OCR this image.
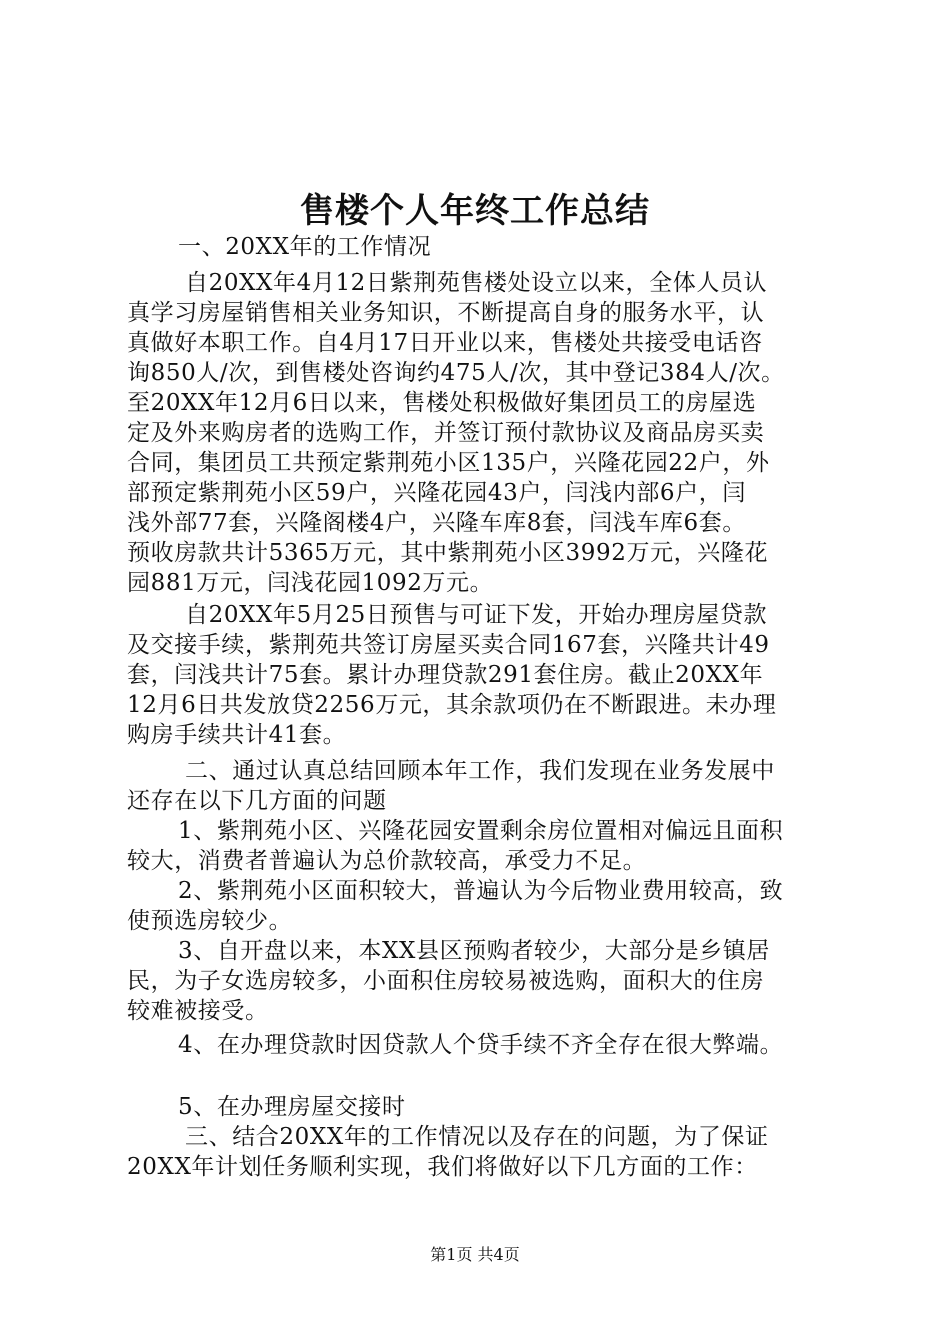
售楼个人年终工作总结
一、20XX年的工作情况
自20XX年4月12日紫荆苑售楼处设立以来，全体人员认
真学习房屋销售相关业务知识，不断提高自身的服务水平，认
真做好本职工作。自4月17日开业以来，售楼处共接受电话咨
询850人/次，到售楼处咨询约475人/次，其中登记384人/次。
至20XX年12月6日以来，售楼处积极做好集团员工的房屋选
定及外来购房者的选购工作，并签订预付款协议及商品房买卖
合同，集团员工共预定紫荆苑小区135户，兴隆花园22户，外
部预定紫荆苑小区59户，兴隆花园43户，闫浅内部6户，闫
浅外部77套，兴隆阁楼4户，兴隆车库8套，闫浅车库6套。
预收房款共计5365万元，其中紫荆苑小区3992万元，兴隆花
园881万元，闫浅花园1092万元。
自20XX年5月25日预售与可证下发，开始办理房屋贷款
及交接手续，紫荆苑共签订房屋买卖合同167套，兴隆共计49
套，闫浅共计75套。累计办理贷款291套住房。截止20XX年
12月6日共发放贷2256万元，其余款项仍在不断跟进。未办理
购房手续共计41套。
二、通过认真总结回顾本年工作，我们发现在业务发展中
还存在以下几方面的问题
1、紫荆苑小区、兴隆花园安置剩余房位置相对偏远且面积
较大，消费者普遍认为总价款较高，承受力不足。
2、紫荆苑小区面积较大，普遍认为今后物业费用较高，致
使预选房较少。
3、自开盘以来，本XX县区预购者较少，大部分是乡镇居
民，为子女选房较多，小面积住房较易被选购，面积大的住房
较难被接受。
4、在办理贷款时因贷款人个贷手续不齐全存在很大弊端。
5、在办理房屋交接时
三、结合20XX年的工作情况以及存在的问题，为了保证
20XX年计划任务顺利实现，我们将做好以下几方面的工作：
第1页 共4页
